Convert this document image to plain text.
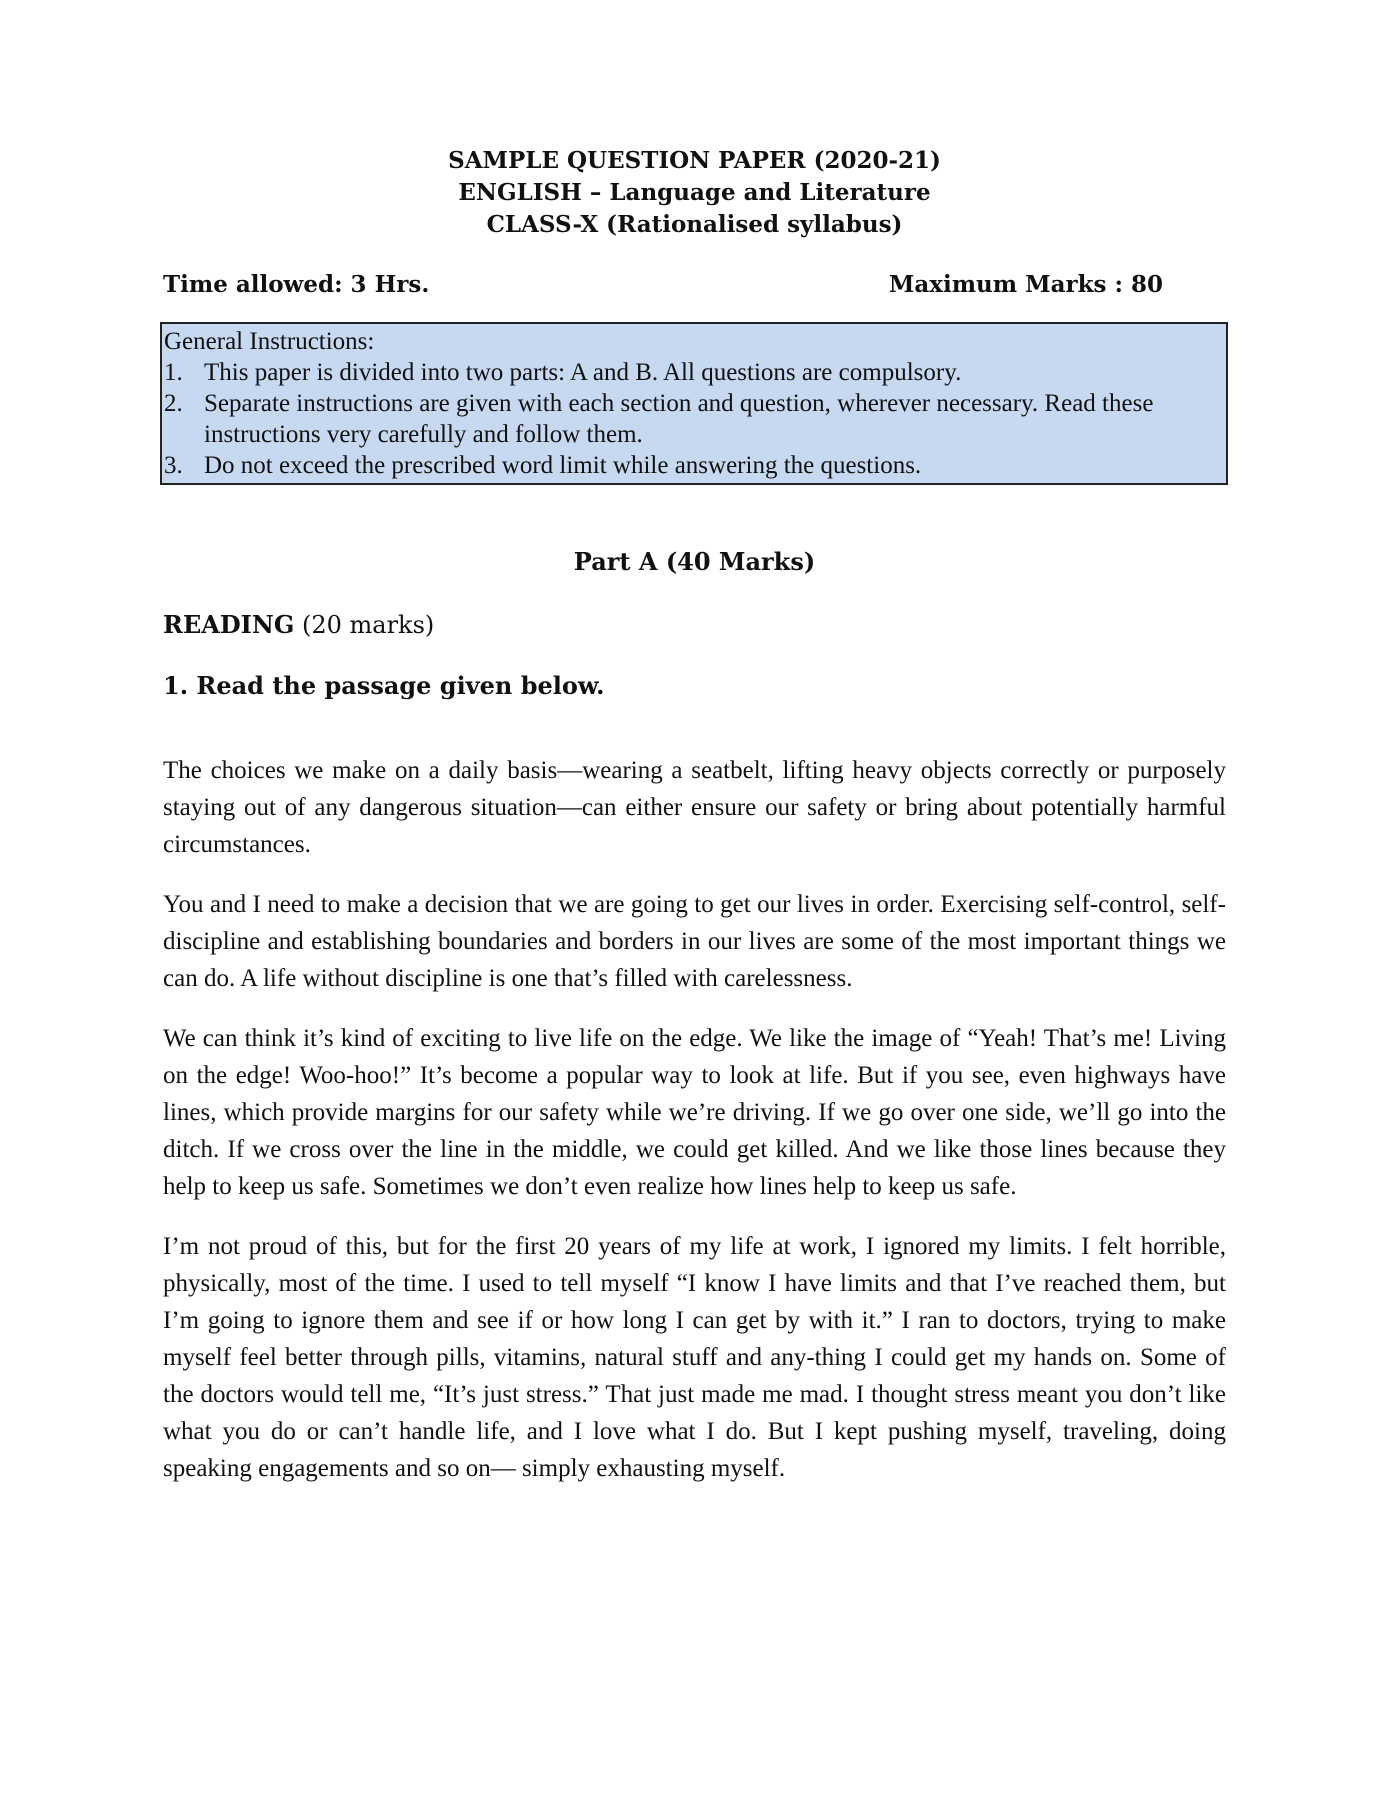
SAMPLE QUESTION PAPER (2020-21)
ENGLISH – Language and Literature
CLASS-X (Rationalised syllabus)
Time allowed: 3 Hrs.	Maximum Marks : 80
General Instructions:
1. This paper is divided into two parts: A and B. All questions are compulsory.
2. Separate instructions are given with each section and question, wherever necessary. Read these instructions very carefully and follow them.
3. Do not exceed the prescribed word limit while answering the questions.
Part A (40 Marks)
READING (20 marks)
1. Read the passage given below.

The choices we make on a daily basis—wearing a seatbelt, lifting heavy objects correctly or purposely staying out of any dangerous situation—can either ensure our safety or bring about potentially harmful circumstances.

You and I need to make a decision that we are going to get our lives in order. Exercising self-control, self-discipline and establishing boundaries and borders in our lives are some of the most important things we can do. A life without discipline is one that’s filled with carelessness.

We can think it’s kind of exciting to live life on the edge. We like the image of “Yeah! That’s me! Living on the edge! Woo-hoo!” It’s become a popular way to look at life. But if you see, even highways have lines, which provide margins for our safety while we’re driving. If we go over one side, we’ll go into the ditch. If we cross over the line in the middle, we could get killed. And we like those lines because they help to keep us safe. Sometimes we don’t even realize how lines help to keep us safe.

I’m not proud of this, but for the first 20 years of my life at work, I ignored my limits. I felt horrible, physically, most of the time. I used to tell myself “I know I have limits and that I’ve reached them, but I’m going to ignore them and see if or how long I can get by with it.” I ran to doctors, trying to make myself feel better through pills, vitamins, natural stuff and any-thing I could get my hands on. Some of the doctors would tell me, “It’s just stress.” That just made me mad. I thought stress meant you don’t like what you do or can’t handle life, and I love what I do. But I kept pushing myself, traveling, doing speaking engagements and so on— simply exhausting myself.
